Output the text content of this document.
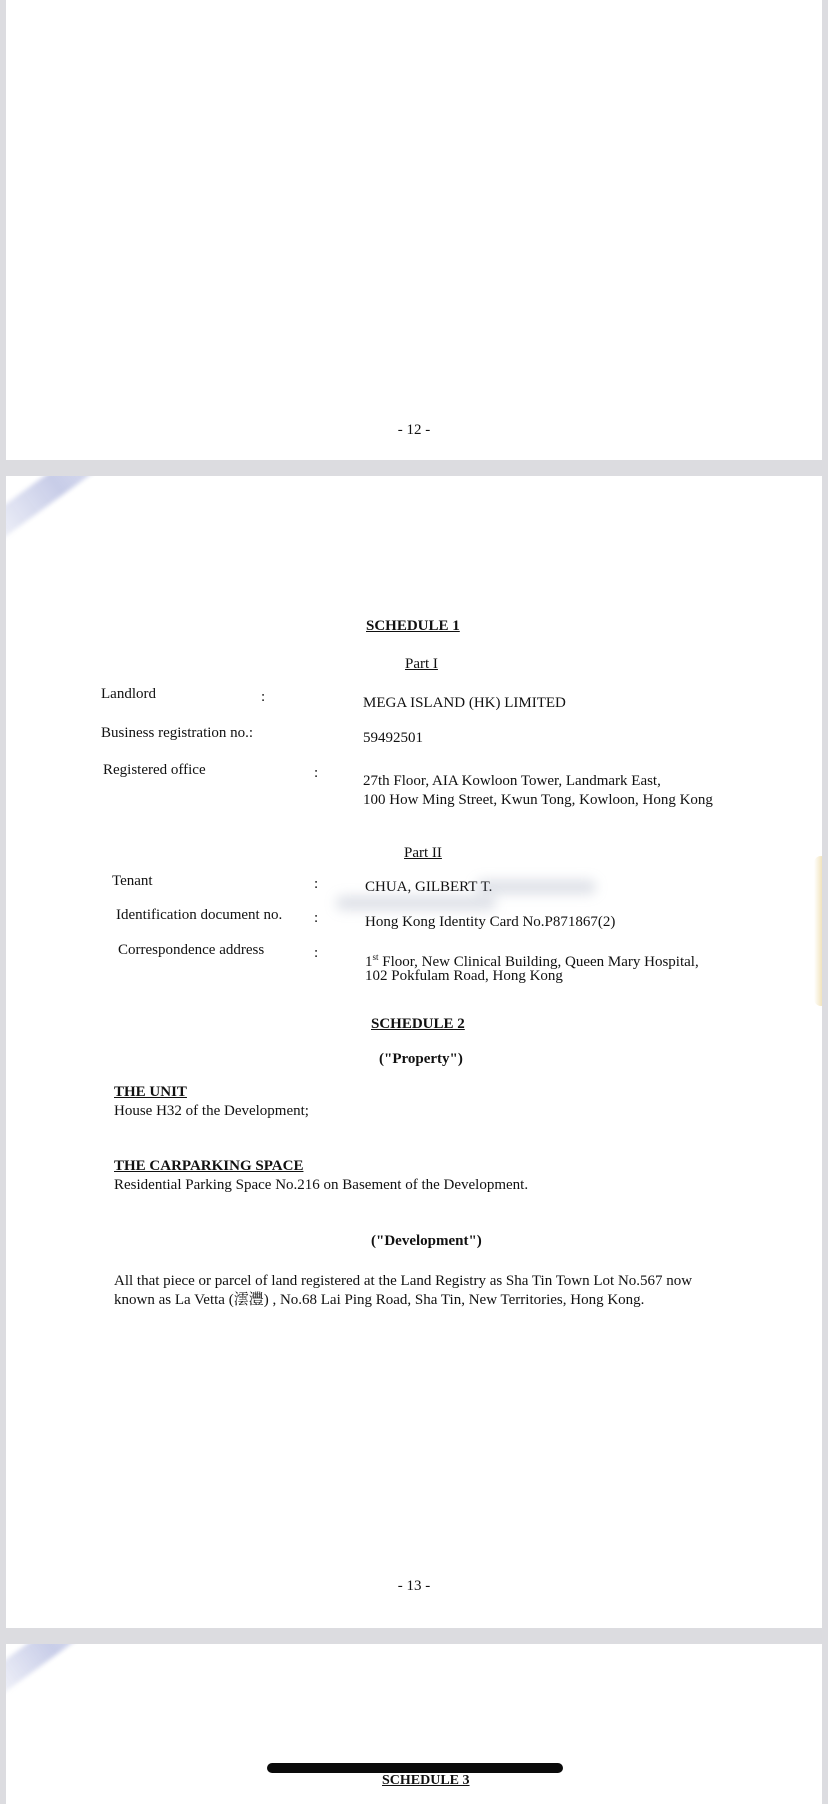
- 12 -
SCHEDULE 1
Part I
Landlord	:	MEGA ISLAND (HK) LIMITED
Business registration no.:	59492501
Registered office	:	27th Floor, AIA Kowloon Tower, Landmark East,
100 How Ming Street, Kwun Tong, Kowloon, Hong Kong
Part II
Tenant	:	CHUA, GILBERT T.
Identification document no. :	Hong Kong Identity Card No.P871867(2)
Correspondence address	:
1st Floor, New Clinical Building, Queen Mary Hospital,
102 Pokfulam Road, Hong Kong
SCHEDULE 2
("Property")
THE UNIT
House H32 of the Development;
THE CARPARKING SPACE
Residential Parking Space No.216 on Basement of the Development.
("Development")
All that piece or parcel of land registered at the Land Registry as Sha Tin Town Lot No.567 now
known as La Vetta (澐灃) , No.68 Lai Ping Road, Sha Tin, New Territories, Hong Kong.
- 13 -
SCHEDULE 3
